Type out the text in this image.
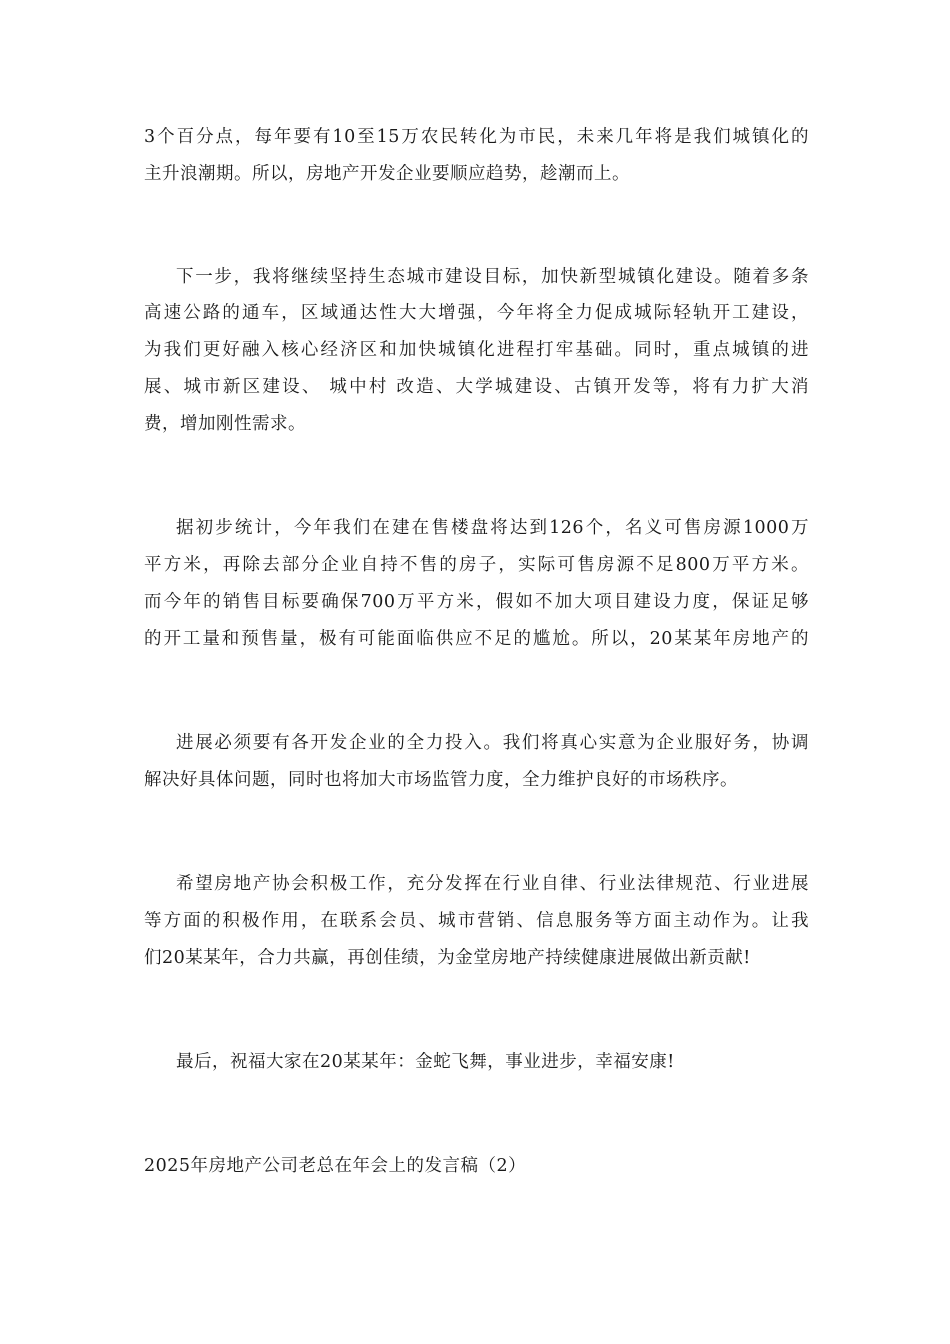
3个百分点，每年要有10至15万农民转化为市民，未来几年将是我们城镇化的
主升浪潮期。所以，房地产开发企业要顺应趋势，趁潮而上。
下一步，我将继续坚持生态城市建设目标，加快新型城镇化建设。随着多条
高速公路的通车，区域通达性大大增强，今年将全力促成城际轻轨开工建设，
为我们更好融入核心经济区和加快城镇化进程打牢基础。同时，重点城镇的进
展、城市新区建设、 城中村 改造、大学城建设、古镇开发等，将有力扩大消
费，增加刚性需求。
据初步统计，今年我们在建在售楼盘将达到126个，名义可售房源1000万
平方米，再除去部分企业自持不售的房子，实际可售房源不足800万平方米。
而今年的销售目标要确保700万平方米，假如不加大项目建设力度，保证足够
的开工量和预售量，极有可能面临供应不足的尴尬。所以，20某某年房地产的
进展必须要有各开发企业的全力投入。我们将真心实意为企业服好务，协调
解决好具体问题，同时也将加大市场监管力度，全力维护良好的市场秩序。
希望房地产协会积极工作，充分发挥在行业自律、行业法律规范、行业进展
等方面的积极作用，在联系会员、城市营销、信息服务等方面主动作为。让我
们20某某年，合力共赢，再创佳绩，为金堂房地产持续健康进展做出新贡献!
最后，祝福大家在20某某年：金蛇飞舞，事业进步，幸福安康!
2025年房地产公司老总在年会上的发言稿（2）
